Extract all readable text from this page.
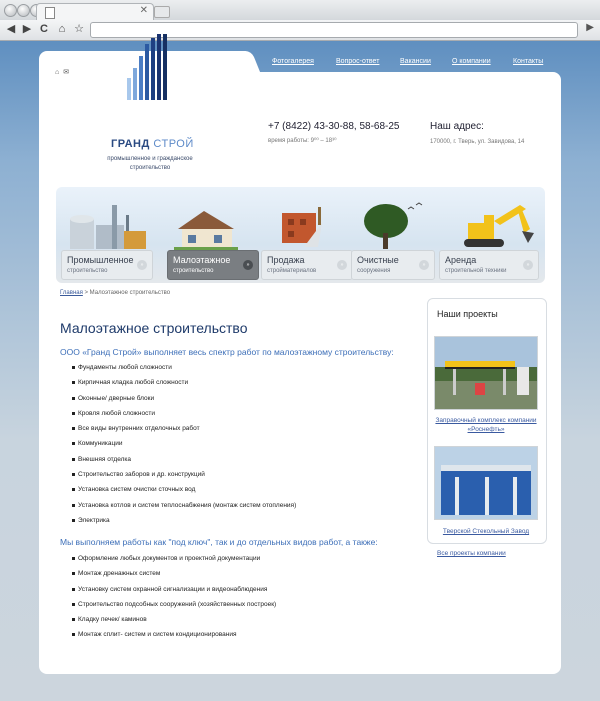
✕
◀ ▶ C ⌂ ☆	▶
Фотогалерея	Вопрос-ответ	Вакансии	О компании	Контакты
⌂ ✉
ГРАНД СТРОЙ
промышленное и гражданское строительство
+7 (8422) 43-30-88, 58-68-25
время работы: 9⁰⁰ – 18³⁰
Наш адрес:
170000, г. Тверь, ул. Завидова, 14
Промышленное
строительство
»	Малоэтажное
строительство
»	Продажа
стройматериалов
»	Очистные
сооружения
»	Аренда
строительной техники
»
Главная > Малоэтажное строительство
Малоэтажное строительство
ООО «Гранд Строй» выполняет весь спектр работ по малоэтажному строительству:
Фундаменты любой сложности
Кирпичная кладка любой сложности
Оконные/ дверные блоки
Кровля любой сложности
Все виды внутренних отделочных работ
Коммуникации
Внешняя отделка
Строительство заборов и др. конструкций
Установка систем очистки сточных вод
Установка котлов и систем теплоснабжения (монтаж систем отопления)
Электрика
Мы выполняем работы как "под ключ", так и до отдельных видов работ, а также:
Оформление любых документов и проектной документации
Монтаж дренажных систем
Установку систем охранной сигнализации и видеонаблюдения
Строительство подсобных сооружений (хозяйственных построек)
Кладку печек/ каминов
Монтаж сплит- систем и систем кондиционирования
Наши проекты
Заправочный комплекс компании «Роснефть»
Тверской Стекольный Завод
Все проекты компании
